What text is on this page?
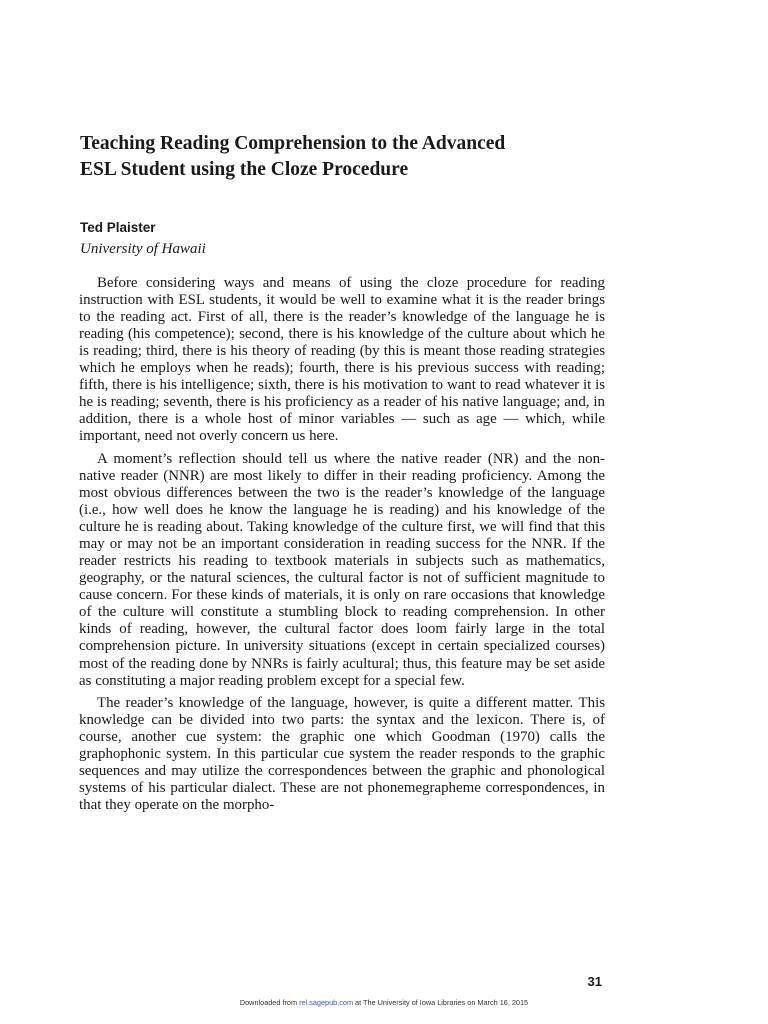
Teaching Reading Comprehension to the Advanced
ESL Student using the Cloze Procedure
Ted Plaister
University of Hawaii

Before considering ways and means of using the cloze procedure for reading instruction with ESL students, it would be well to examine what it is the reader brings to the reading act. First of all, there is the reader’s knowledge of the language he is reading (his competence); second, there is his knowledge of the culture about which he is reading; third, there is his theory of reading (by this is meant those reading strategies which he employs when he reads); fourth, there is his previous success with reading; fifth, there is his intelligence; sixth, there is his motivation to want to read whatever it is he is reading; seventh, there is his proficiency as a reader of his native language; and, in addition, there is a whole host of minor variables — such as age — which, while important, need not overly concern us here.

A moment’s reflection should tell us where the native reader (NR) and the non-native reader (NNR) are most likely to differ in their reading proficiency. Among the most obvious differences between the two is the reader’s knowledge of the language (i.e., how well does he know the language he is reading) and his knowledge of the culture he is reading about. Taking knowledge of the culture first, we will find that this may or may not be an important consideration in reading success for the NNR. If the reader restricts his reading to textbook materials in subjects such as mathematics, geography, or the natural sciences, the cultural factor is not of sufficient magnitude to cause concern. For these kinds of materials, it is only on rare occasions that knowledge of the culture will constitute a stumbling block to reading comprehension. In other kinds of reading, however, the cultural factor does loom fairly large in the total comprehension picture. In university situations (except in certain specialized courses) most of the reading done by NNRs is fairly acultural; thus, this feature may be set aside as constituting a major reading problem except for a special few.

The reader’s knowledge of the language, however, is quite a different matter. This knowledge can be divided into two parts: the syntax and the lexicon. There is, of course, another cue system: the graphic one which Goodman (1970) calls the graphophonic system. In this particular cue system the reader responds to the graphic sequences and may utilize the correspondences between the graphic and phonological systems of his particular dialect. These are not phonemegrapheme correspondences, in that they operate on the morpho-

31
Downloaded from rel.sagepub.com at The University of Iowa Libraries on March 16, 2015
